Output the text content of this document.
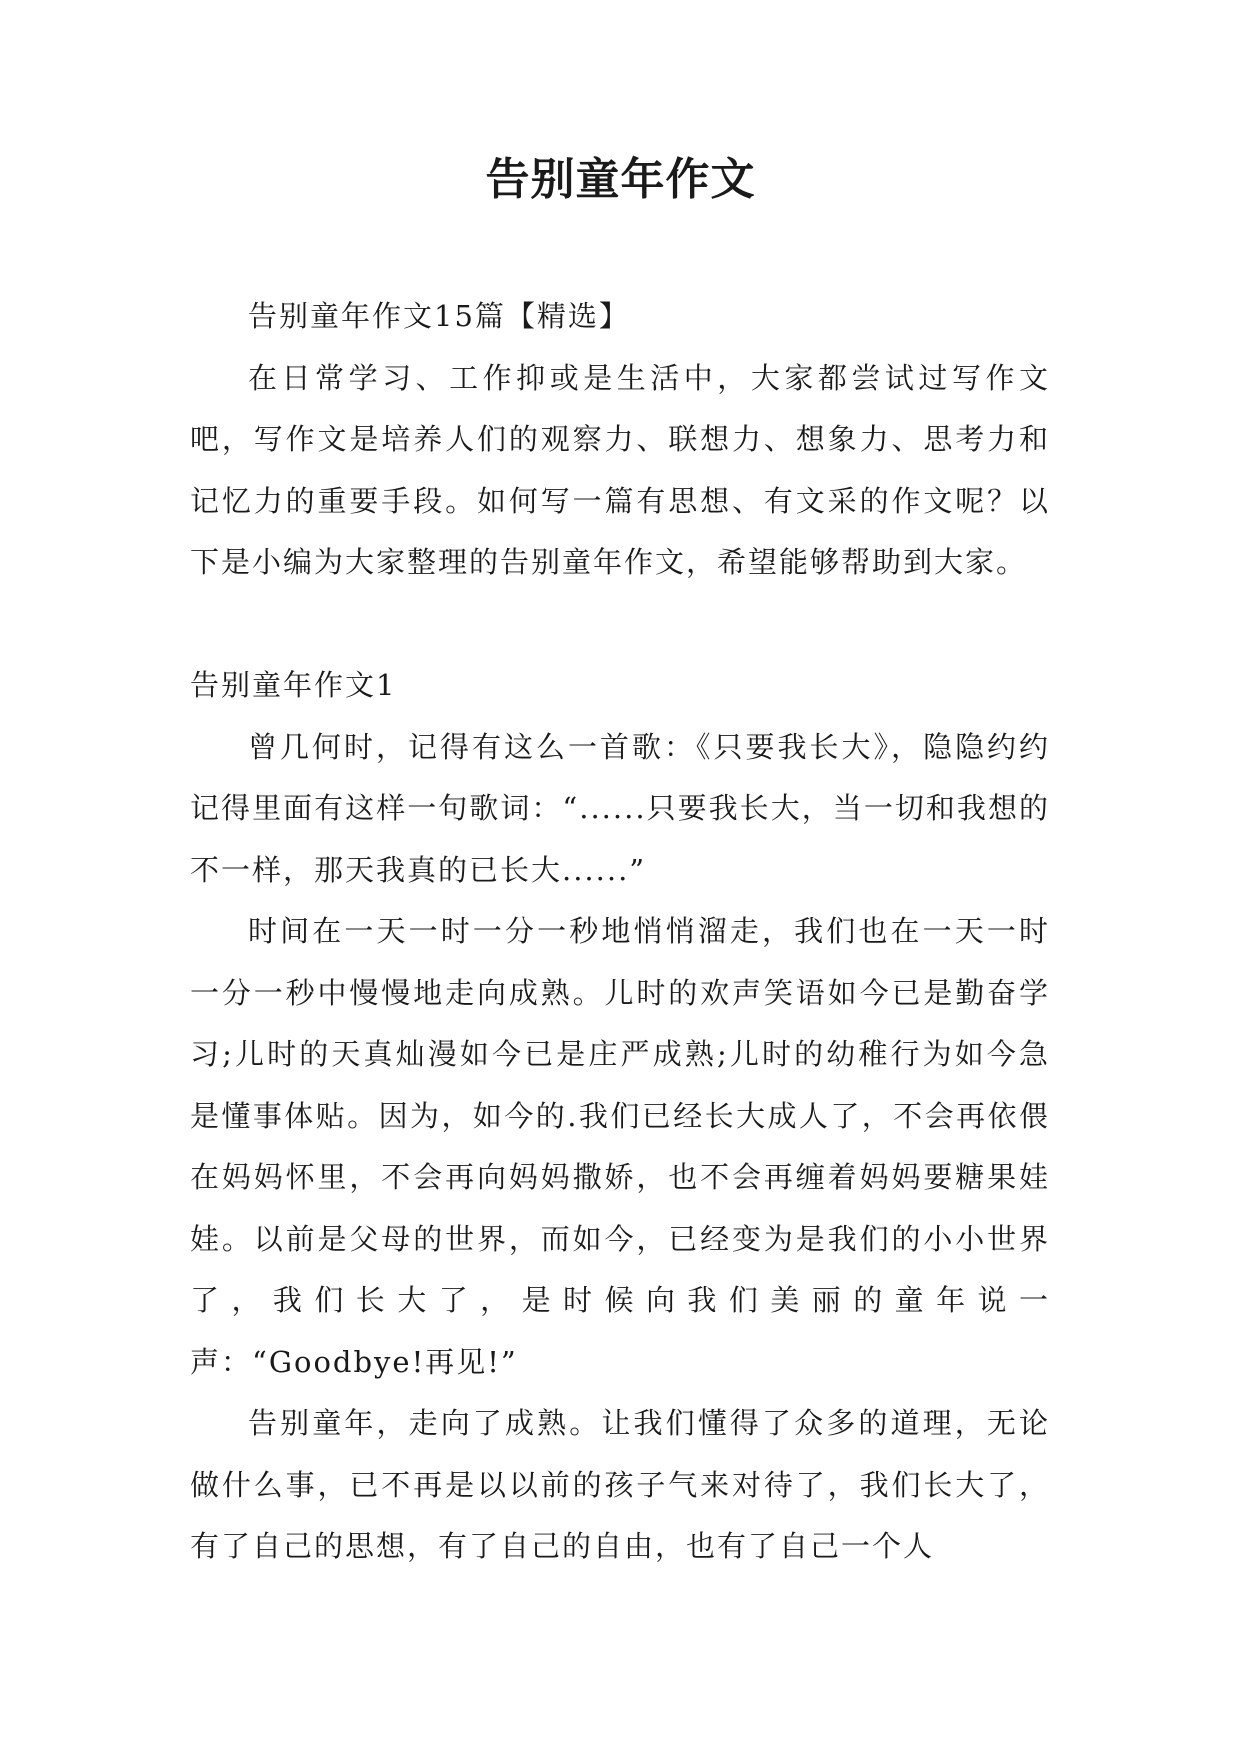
告别童年作文

告别童年作文15篇【精选】

在日常学习、工作抑或是生活中，大家都尝试过写作文吧，写作文是培养人们的观察力、联想力、想象力、思考力和记忆力的重要手段。如何写一篇有思想、有文采的作文呢？以下是小编为大家整理的告别童年作文，希望能够帮助到大家。

告别童年作文1

曾几何时，记得有这么一首歌：《只要我长大》，隐隐约约记得里面有这样一句歌词：“......只要我长大，当一切和我想的不一样，那天我真的已长大......”

时间在一天一时一分一秒地悄悄溜走，我们也在一天一时一分一秒中慢慢地走向成熟。儿时的欢声笑语如今已是勤奋学习;儿时的天真灿漫如今已是庄严成熟;儿时的幼稚行为如今急是懂事体贴。因为，如今的.我们已经长大成人了，不会再依偎在妈妈怀里，不会再向妈妈撒娇，也不会再缠着妈妈要糖果娃娃。以前是父母的世界，而如今，已经变为是我们的小小世界了，我们长大了，是时候向我们美丽的童年说一声：“Goodbye!再见!”

告别童年，走向了成熟。让我们懂得了众多的道理，无论做什么事，已不再是以以前的孩子气来对待了，我们长大了，有了自己的思想，有了自己的自由，也有了自己一个人
